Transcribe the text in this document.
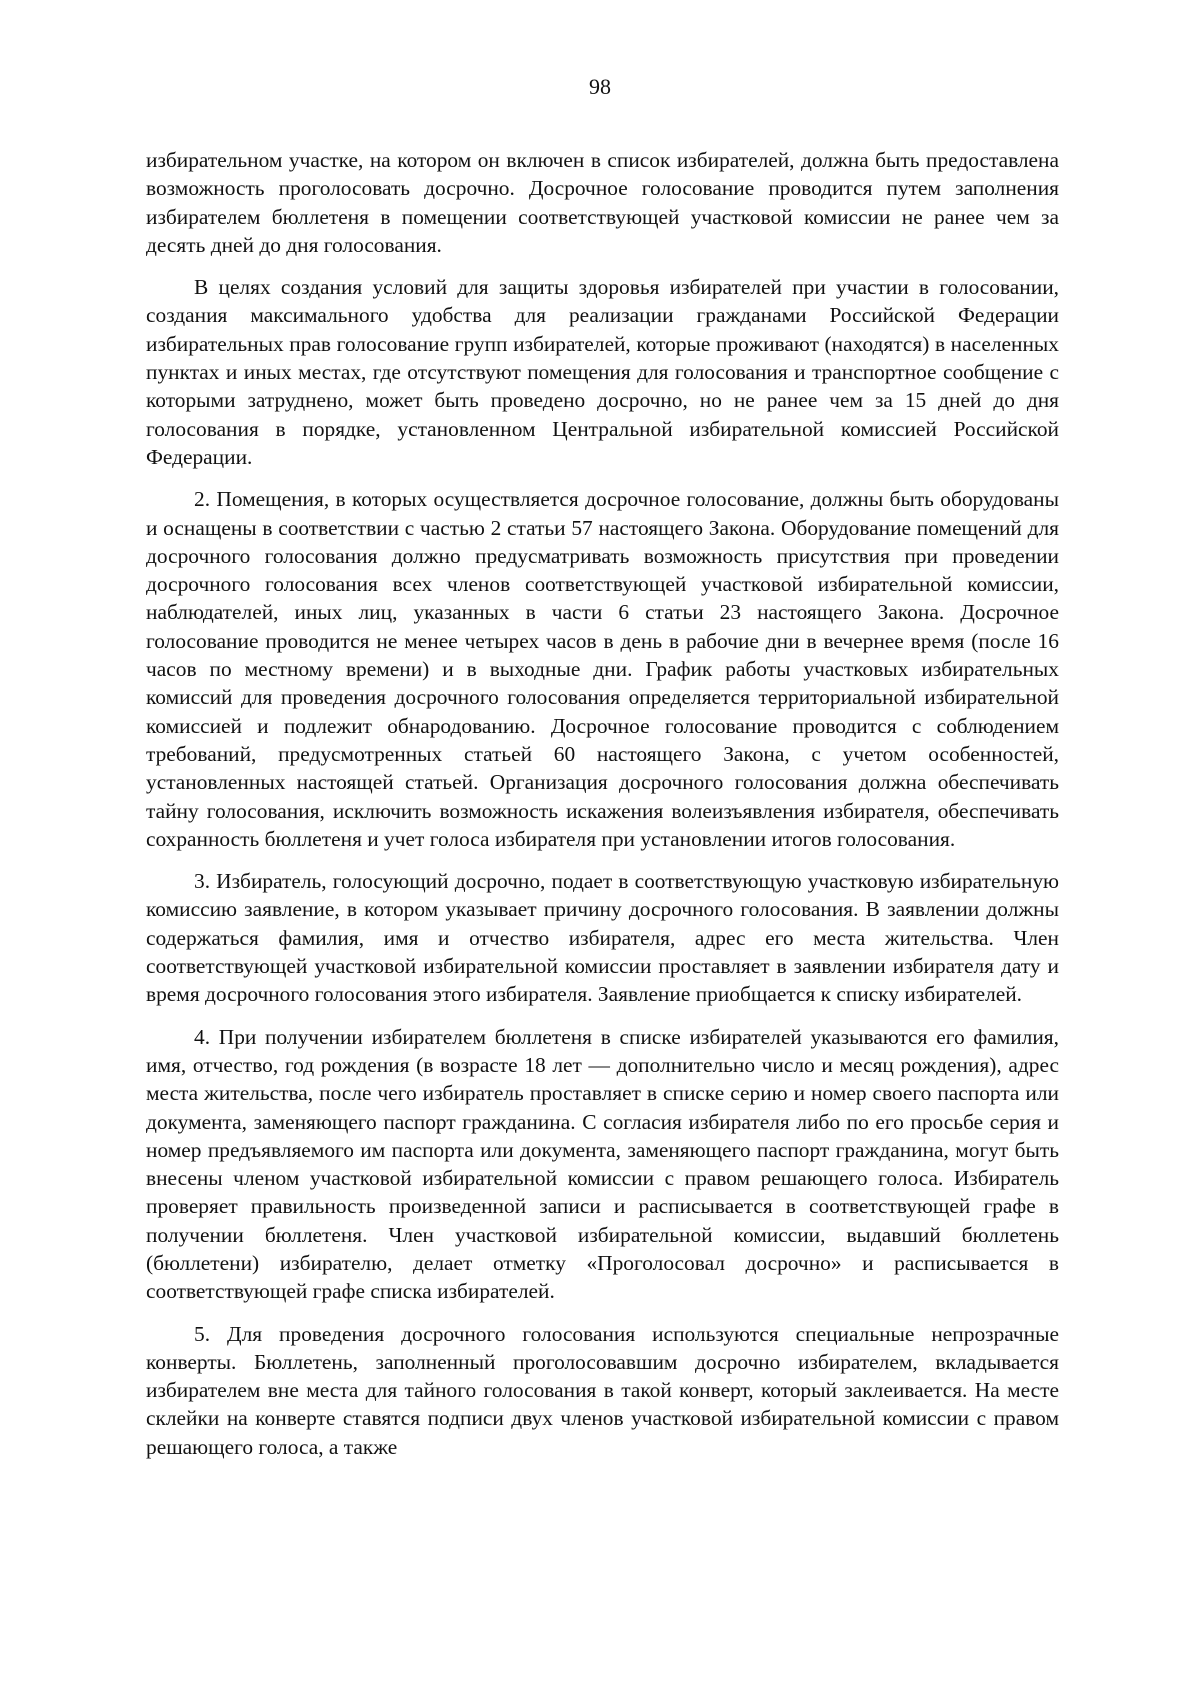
98

избирательном участке, на котором он включен в список избирателей, должна быть предоставлена возможность проголосовать досрочно. Досрочное голосование проводится путем заполнения избирателем бюллетеня в помещении соответствующей участковой комиссии не ранее чем за десять дней до дня голосования.

В целях создания условий для защиты здоровья избирателей при участии в голосовании, создания максимального удобства для реализации гражданами Российской Федерации избирательных прав голосование групп избирателей, которые проживают (находятся) в населенных пунктах и иных местах, где отсутствуют помещения для голосования и транспортное сообщение с которыми затруднено, может быть проведено досрочно, но не ранее чем за 15 дней до дня голосования в порядке, установленном Центральной избирательной комиссией Российской Федерации.

2. Помещения, в которых осуществляется досрочное голосование, должны быть оборудованы и оснащены в соответствии с частью 2 статьи 57 настоящего Закона. Оборудование помещений для досрочного голосования должно предусматривать возможность присутствия при проведении досрочного голосования всех членов соответствующей участковой избирательной комиссии, наблюдателей, иных лиц, указанных в части 6 статьи 23 настоящего Закона. Досрочное голосование проводится не менее четырех часов в день в рабочие дни в вечернее время (после 16 часов по местному времени) и в выходные дни. График работы участковых избирательных комиссий для проведения досрочного голосования определяется территориальной избирательной комиссией и подлежит обнародованию. Досрочное голосование проводится с соблюдением требований, предусмотренных статьей 60 настоящего Закона, с учетом особенностей, установленных настоящей статьей. Организация досрочного голосования должна обеспечивать тайну голосования, исключить возможность искажения волеизъявления избирателя, обеспечивать сохранность бюллетеня и учет голоса избирателя при установлении итогов голосования.

3. Избиратель, голосующий досрочно, подает в соответствующую участковую избирательную комиссию заявление, в котором указывает причину досрочного голосования. В заявлении должны содержаться фамилия, имя и отчество избирателя, адрес его места жительства. Член соответствующей участковой избирательной комиссии проставляет в заявлении избирателя дату и время досрочного голосования этого избирателя. Заявление приобщается к списку избирателей.

4. При получении избирателем бюллетеня в списке избирателей указываются его фамилия, имя, отчество, год рождения (в возрасте 18 лет — дополнительно число и месяц рождения), адрес места жительства, после чего избиратель проставляет в списке серию и номер своего паспорта или документа, заменяющего паспорт гражданина. С согласия избирателя либо по его просьбе серия и номер предъявляемого им паспорта или документа, заменяющего паспорт гражданина, могут быть внесены членом участковой избирательной комиссии с правом решающего голоса. Избиратель проверяет правильность произведенной записи и расписывается в соответствующей графе в получении бюллетеня. Член участковой избирательной комиссии, выдавший бюллетень (бюллетени) избирателю, делает отметку «Проголосовал досрочно» и расписывается в соответствующей графе списка избирателей.

5. Для проведения досрочного голосования используются специальные непрозрачные конверты. Бюллетень, заполненный проголосовавшим досрочно избирателем, вкладывается избирателем вне места для тайного голосования в такой конверт, который заклеивается. На месте склейки на конверте ставятся подписи двух членов участковой избирательной комиссии с правом решающего голоса, а также
